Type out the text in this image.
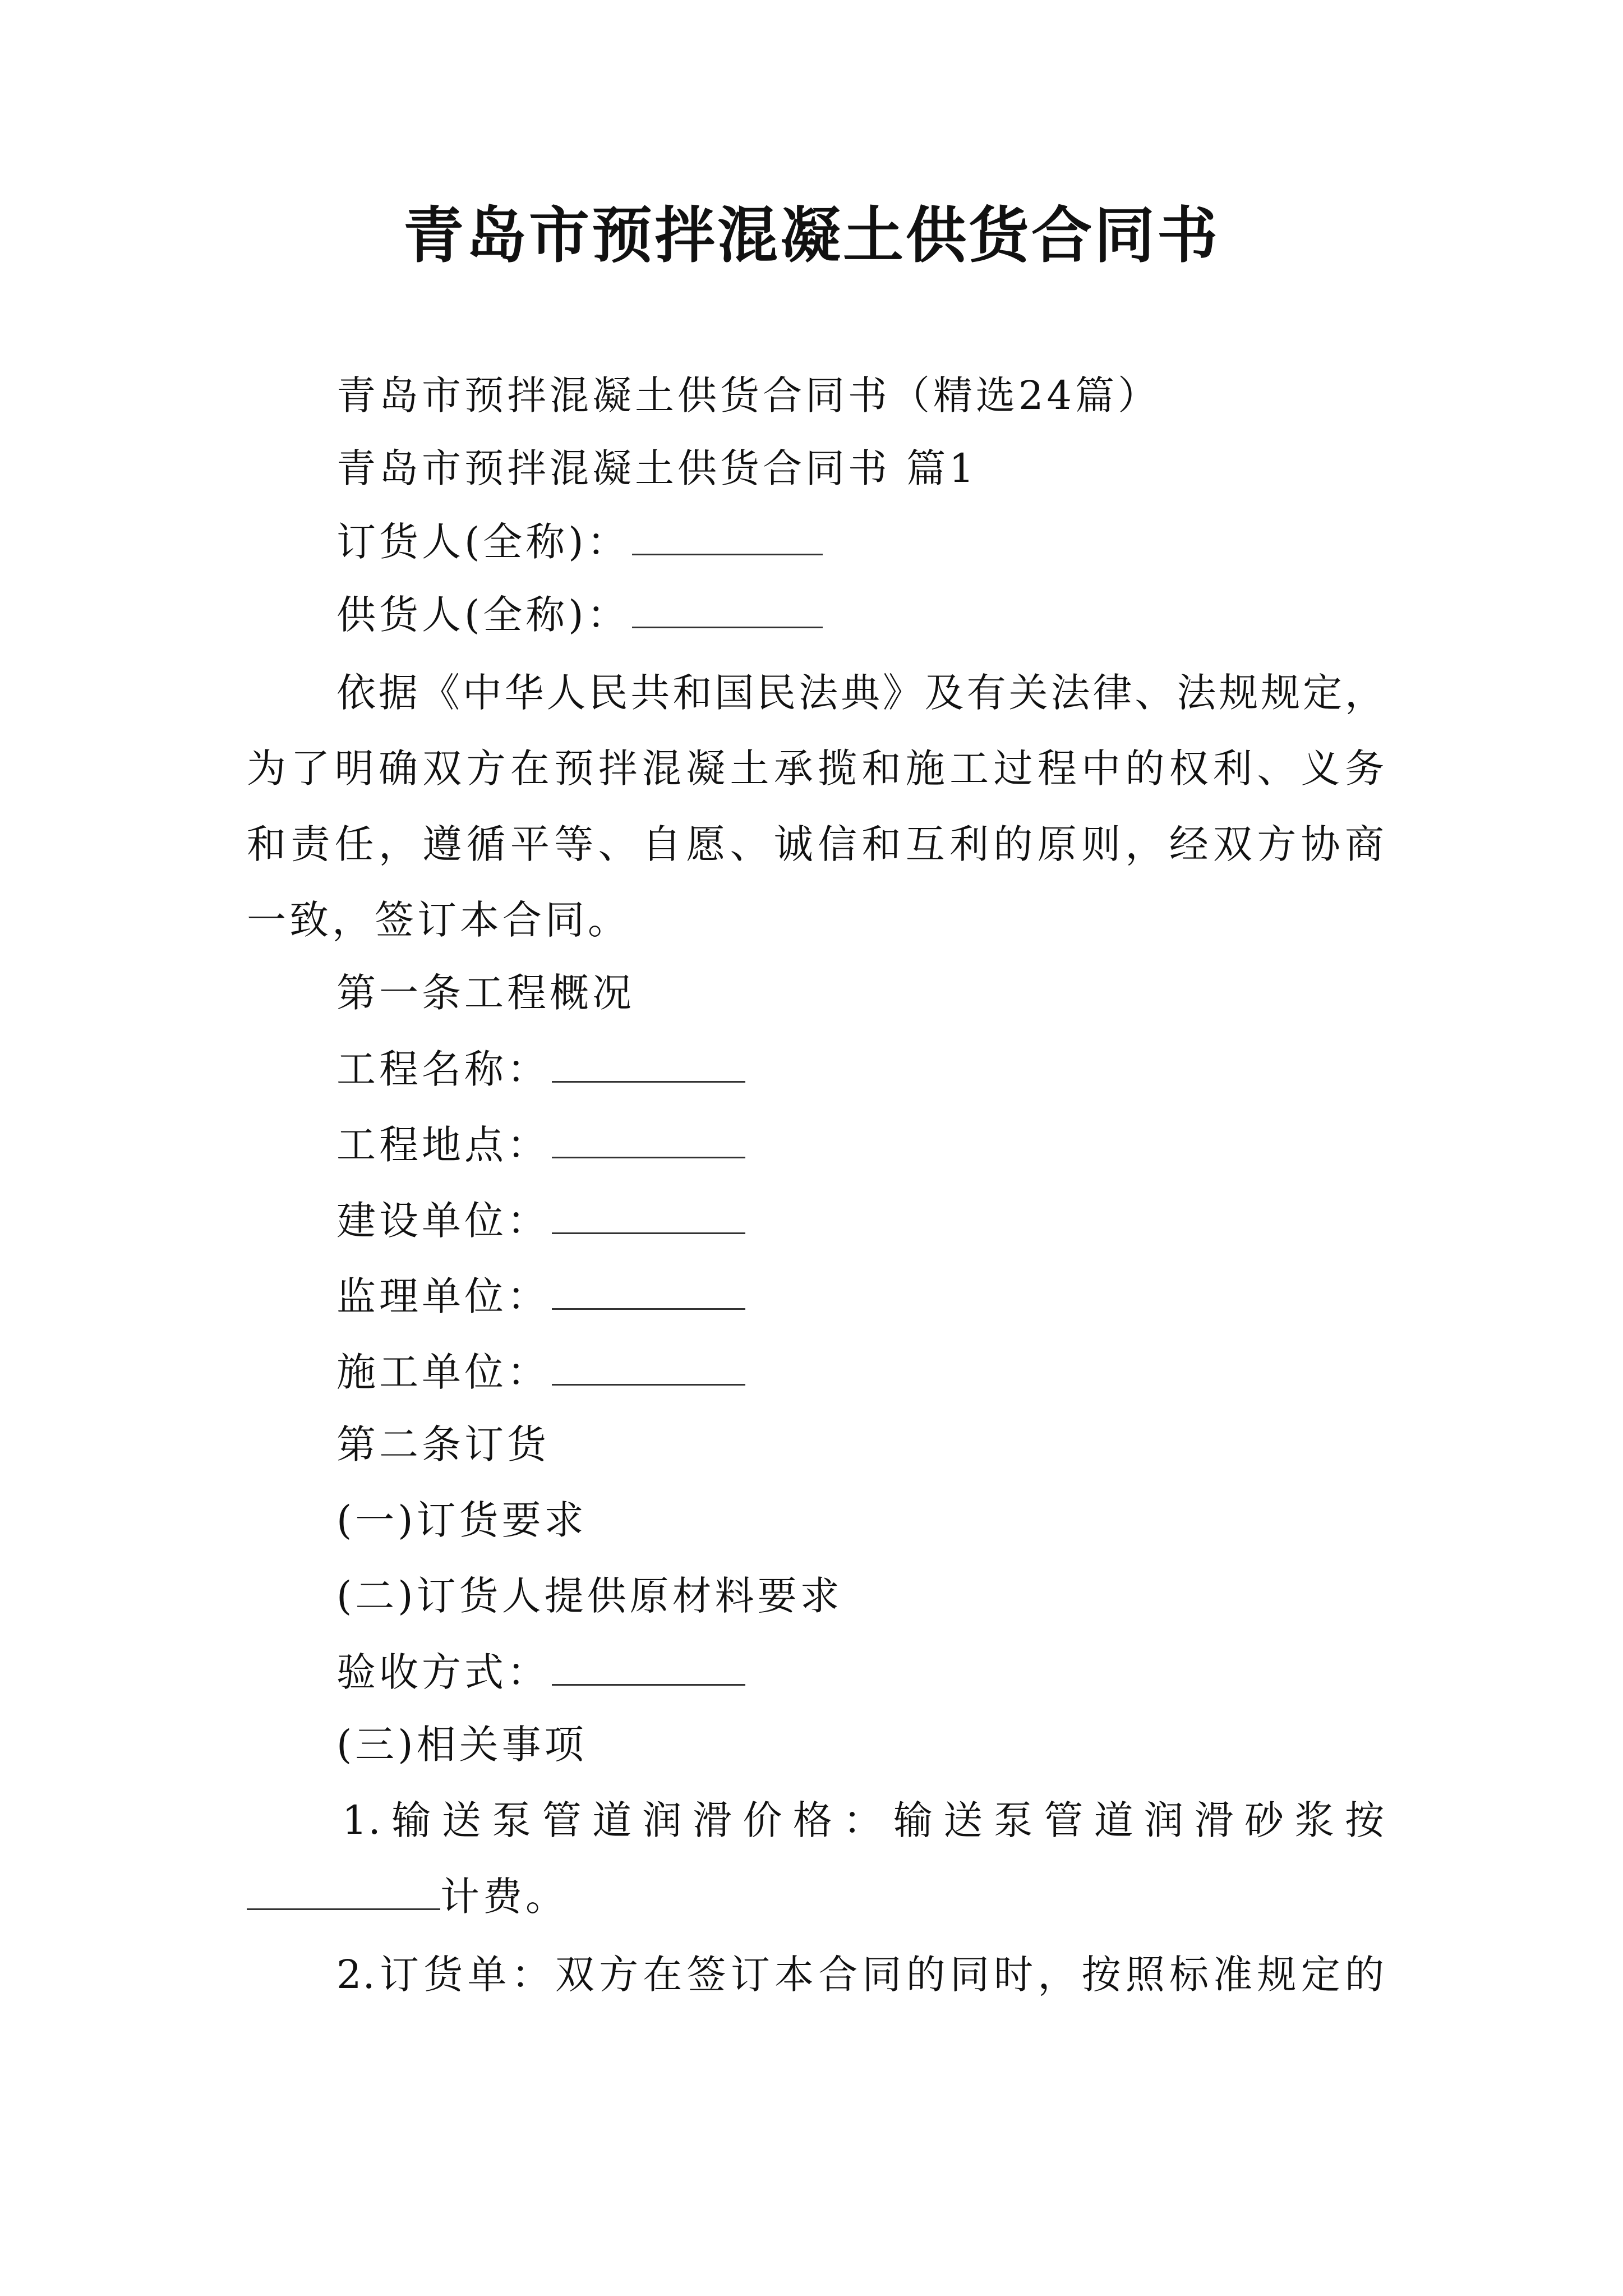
青岛市预拌混凝土供货合同书
青岛市预拌混凝土供货合同书（精选24篇）
青岛市预拌混凝土供货合同书 篇1
订货人(全称)：
供货人(全称)：
依据《中华人民共和国民法典》及有关法律、法规规定，
为了明确双方在预拌混凝土承揽和施工过程中的权利、义务
和责任，遵循平等、自愿、诚信和互利的原则，经双方协商
一致，签订本合同。
第一条工程概况
工程名称：
工程地点：
建设单位：
监理单位：
施工单位：
第二条订货
(一)订货要求
(二)订货人提供原材料要求
验收方式：
(三)相关事项
1.输送泵管道润滑价格：输送泵管道润滑砂浆按
计费。
2.订货单：双方在签订本合同的同时，按照标准规定的
